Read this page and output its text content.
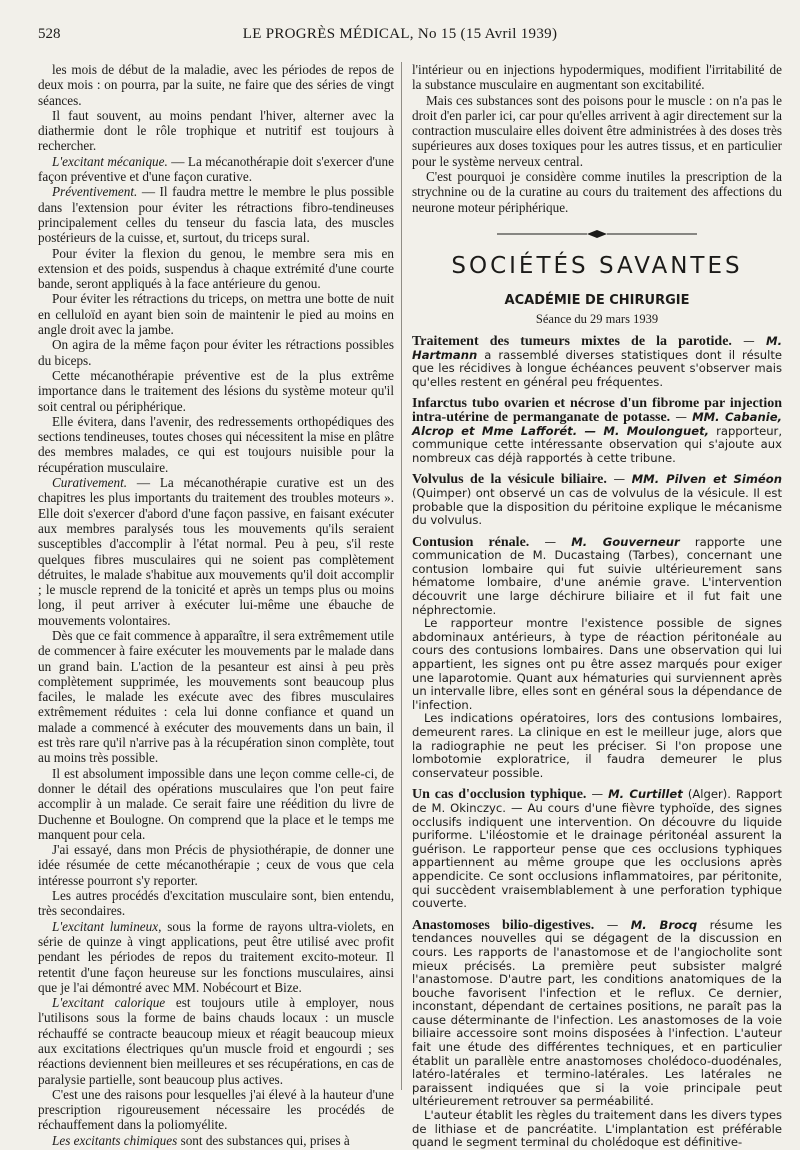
528	LE PROGRÈS MÉDICAL, No 15 (15 Avril 1939)

les mois de début de la maladie, avec les périodes de repos de deux mois : on pourra, par la suite, ne faire que des séries de vingt séances.

Il faut souvent, au moins pendant l'hiver, alterner avec la diathermie dont le rôle trophique et nutritif est toujours à rechercher.

L'excitant mécanique. — La mécanothérapie doit s'exercer d'une façon préventive et d'une façon curative.

Préventivement. — Il faudra mettre le membre le plus possible dans l'extension pour éviter les rétractions fibro-tendineuses principalement celles du tenseur du fascia lata, des muscles postérieurs de la cuisse, et, surtout, du triceps sural.

Pour éviter la flexion du genou, le membre sera mis en extension et des poids, suspendus à chaque extrémité d'une courte bande, seront appliqués à la face antérieure du genou.

Pour éviter les rétractions du triceps, on mettra une botte de nuit en celluloïd en ayant bien soin de maintenir le pied au moins en angle droit avec la jambe.

On agira de la même façon pour éviter les rétractions possibles du biceps.

Cette mécanothérapie préventive est de la plus extrême importance dans le traitement des lésions du système moteur qu'il soit central ou périphérique.

Elle évitera, dans l'avenir, des redressements orthopédiques des sections tendineuses, toutes choses qui nécessitent la mise en plâtre des membres malades, ce qui est toujours nuisible pour la récupération musculaire.

Curativement. — La mécanothérapie curative est un des chapitres les plus importants du traitement des troubles moteurs ». Elle doit s'exercer d'abord d'une façon passive, en faisant exécuter aux membres paralysés tous les mouvements qu'ils seraient susceptibles d'accomplir à l'état normal. Peu à peu, s'il reste quelques fibres musculaires qui ne soient pas complètement détruites, le malade s'habitue aux mouvements qu'il doit accomplir ; le muscle reprend de la tonicité et après un temps plus ou moins long, il peut arriver à exécuter lui-même une ébauche de mouvements volontaires.

Dès que ce fait commence à apparaître, il sera extrêmement utile de commencer à faire exécuter les mouvements par le malade dans un grand bain. L'action de la pesanteur est ainsi à peu près complètement supprimée, les mouvements sont beaucoup plus faciles, le malade les exécute avec des fibres musculaires extrêmement réduites : cela lui donne confiance et quand un malade a commencé à exécuter des mouvements dans un bain, il est très rare qu'il n'arrive pas à la récupération sinon complète, tout au moins très possible.

Il est absolument impossible dans une leçon comme celle-ci, de donner le détail des opérations musculaires que l'on peut faire accomplir à un malade. Ce serait faire une réédition du livre de Duchenne et Boulogne. On comprend que la place et le temps me manquent pour cela.

J'ai essayé, dans mon Précis de physiothérapie, de donner une idée résumée de cette mécanothérapie ; ceux de vous que cela intéresse pourront s'y reporter.

Les autres procédés d'excitation musculaire sont, bien entendu, très secondaires.

L'excitant lumineux, sous la forme de rayons ultra-violets, en série de quinze à vingt applications, peut être utilisé avec profit pendant les périodes de repos du traitement excito-moteur. Il retentit d'une façon heureuse sur les fonctions musculaires, ainsi que je l'ai démontré avec MM. Nobécourt et Bize.

L'excitant calorique est toujours utile à employer, nous l'utilisons sous la forme de bains chauds locaux : un muscle réchauffé se contracte beaucoup mieux et réagit beaucoup mieux aux excitations électriques qu'un muscle froid et engourdi ; ses réactions deviennent bien meilleures et ses récupérations, en cas de paralysie partielle, sont beaucoup plus actives.

C'est une des raisons pour lesquelles j'ai élevé à la hauteur d'une prescription rigoureusement nécessaire les procédés de réchauffement dans la poliomyélite.

Les excitants chimiques sont des substances qui, prises à

l'intérieur ou en injections hypodermiques, modifient l'irritabilité de la substance musculaire en augmentant son excitabilité.

Mais ces substances sont des poisons pour le muscle : on n'a pas le droit d'en parler ici, car pour qu'elles arrivent à agir directement sur la contraction musculaire elles doivent être administrées à des doses très supérieures aux doses toxiques pour les autres tissus, et en particulier pour le système nerveux central.

C'est pourquoi je considère comme inutiles la prescription de la strychnine ou de la curatine au cours du traitement des affections du neurone moteur périphérique.

SOCIÉTÉS SAVANTES
ACADÉMIE DE CHIRURGIE
Séance du 29 mars 1939

Traitement des tumeurs mixtes de la parotide. — M. Hartmann a rassemblé diverses statistiques dont il résulte que les récidives à longue échéances peuvent s'observer mais qu'elles restent en général peu fréquentes.

Infarctus tubo ovarien et nécrose d'un fibrome par injection intra-utérine de permanganate de potasse. — MM. Cabanie, Alcrop et Mme Lafforét. — M. Moulonguet, rapporteur, communique cette intéressante observation qui s'ajoute aux nombreux cas déjà rapportés à cette tribune.

Volvulus de la vésicule biliaire. — MM. Pilven et Siméon (Quimper) ont observé un cas de volvulus de la vésicule. Il est probable que la disposition du péritoine explique le mécanisme du volvulus.

Contusion rénale. — M. Gouverneur rapporte une communication de M. Ducastaing (Tarbes), concernant une contusion lombaire qui fut suivie ultérieurement sans hématome lombaire, d'une anémie grave. L'intervention découvrit une large déchirure biliaire et il fut fait une néphrectomie.

Le rapporteur montre l'existence possible de signes abdominaux antérieurs, à type de réaction péritonéale au cours des contusions lombaires. Dans une observation qui lui appartient, les signes ont pu être assez marqués pour exiger une laparotomie. Quant aux hématuries qui surviennent après un intervalle libre, elles sont en général sous la dépendance de l'infection.

Les indications opératoires, lors des contusions lombaires, demeurent rares. La clinique en est le meilleur juge, alors que la radiographie ne peut les préciser. Si l'on propose une lombotomie exploratrice, il faudra demeurer le plus conservateur possible.

Un cas d'occlusion typhique. — M. Curtillet (Alger). Rapport de M. Okinczyc. — Au cours d'une fièvre typhoïde, des signes occlusifs indiquent une intervention. On découvre du liquide puriforme. L'iléostomie et le drainage péritonéal assurent la guérison. Le rapporteur pense que ces occlusions typhiques appartiennent au même groupe que les occlusions après appendicite. Ce sont occlusions inflammatoires, par péritonite, qui succèdent vraisemblablement à une perforation typhique couverte.

Anastomoses bilio-digestives. — M. Brocq résume les tendances nouvelles qui se dégagent de la discussion en cours. Les rapports de l'anastomose et de l'angiocholite sont mieux précisés. La première peut subsister malgré l'anastomose. D'autre part, les conditions anatomiques de la bouche favorisent l'infection et le reflux. Ce dernier, inconstant, dépendant de certaines positions, ne paraît pas la cause déterminante de l'infection. Les anastomoses de la voie biliaire accessoire sont moins disposées à l'infection. L'auteur fait une étude des différentes techniques, et en particulier établit un parallèle entre anastomoses cholédoco-duodénales, latéro-latérales et termino-latérales. Les latérales ne paraissent indiquées que si la voie principale peut ultérieurement retrouver sa perméabilité.

L'auteur établit les règles du traitement dans les divers types de lithiase et de pancréatite. L'implantation est préférable quand le segment terminal du cholédoque est définitive-
